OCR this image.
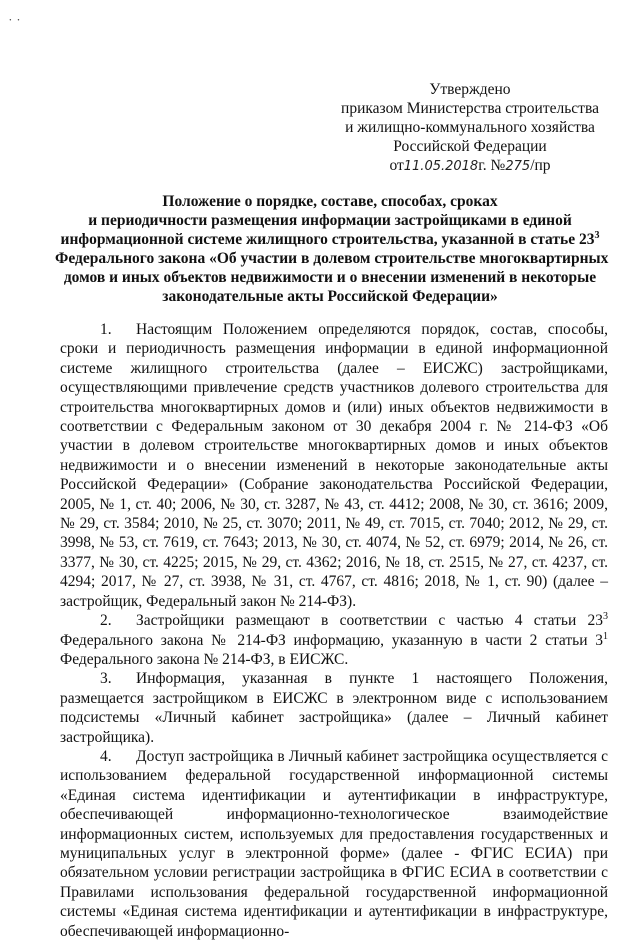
˙ ˙
Утверждено
приказом Министерства строительства
и жилищно-коммунального хозяйства
Российской Федерации
от11.05.2018г. №275/пр
Положение о порядке, составе, способах, сроках
и периодичности размещения информации застройщиками в единой
информационной системе жилищного строительства, указанной в статье $23^3$
Федерального закона «Об участии в долевом строительстве многоквартирных
домов и иных объектов недвижимости и о внесении изменений в некоторые
законодательные акты Российской Федерации»

1. Настоящим Положением определяются порядок, состав, способы, сроки и периодичность размещения информации в единой информационной системе жилищного строительства (далее – ЕИСЖС) застройщиками, осуществляющими привлечение средств участников долевого строительства для строительства многоквартирных домов и (или) иных объектов недвижимости в соответствии с Федеральным законом от 30 декабря 2004 г. № 214-ФЗ «Об участии в долевом строительстве многоквартирных домов и иных объектов недвижимости и о внесении изменений в некоторые законодательные акты Российской Федерации» (Собрание законодательства Российской Федерации, 2005, № 1, ст. 40; 2006, № 30, ст. 3287, № 43, ст. 4412; 2008, № 30, ст. 3616; 2009, № 29, ст. 3584; 2010, № 25, ст. 3070; 2011, № 49, ст. 7015, ст. 7040; 2012, № 29, ст. 3998, № 53, ст. 7619, ст. 7643; 2013, № 30, ст. 4074, № 52, ст. 6979; 2014, № 26, ст. 3377, № 30, ст. 4225; 2015, № 29, ст. 4362; 2016, № 18, ст. 2515, № 27, ст. 4237, ст. 4294; 2017, № 27, ст. 3938, № 31, ст. 4767, ст. 4816; 2018, № 1, ст. 90) (далее – застройщик, Федеральный закон № 214-ФЗ).

2. Застройщики размещают в соответствии с частью 4 статьи $23^3$ Федерального закона № 214-ФЗ информацию, указанную в части 2 статьи $3^1$ Федерального закона № 214-ФЗ, в ЕИСЖС.

3. Информация, указанная в пункте 1 настоящего Положения, размещается застройщиком в ЕИСЖС в электронном виде с использованием подсистемы «Личный кабинет застройщика» (далее – Личный кабинет застройщика).

4. Доступ застройщика в Личный кабинет застройщика осуществляется с использованием федеральной государственной информационной системы «Единая система идентификации и аутентификации в инфраструктуре, обеспечивающей информационно-технологическое взаимодействие информационных систем, используемых для предоставления государственных и муниципальных услуг в электронной форме» (далее - ФГИС ЕСИА) при обязательном условии регистрации застройщика в ФГИС ЕСИА в соответствии с Правилами использования федеральной государственной информационной системы «Единая система идентификации и аутентификации в инфраструктуре, обеспечивающей информационно-
